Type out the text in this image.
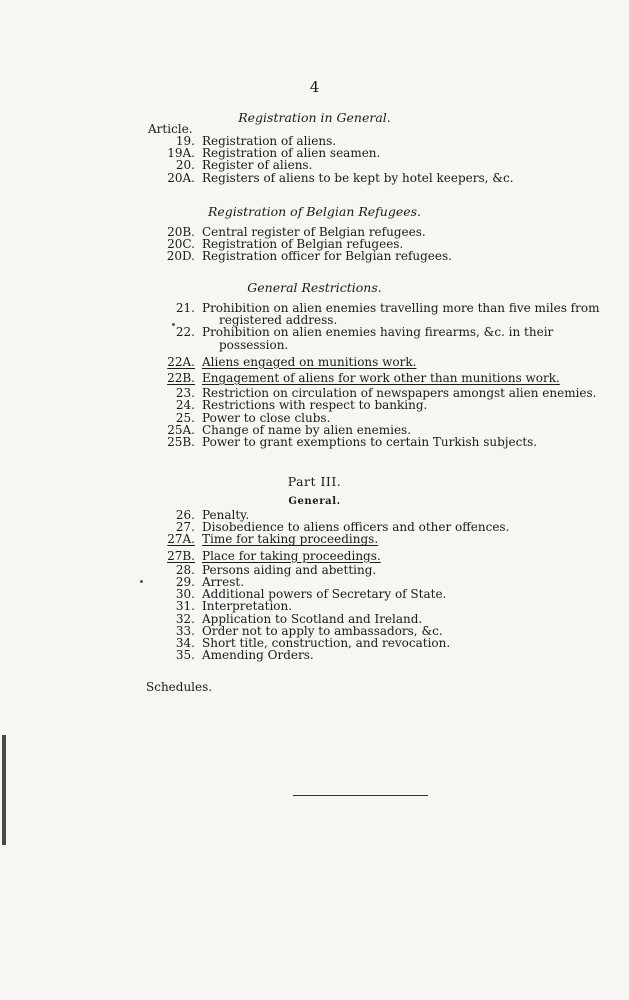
4
Registration in General.
Article.
19. Registration of aliens.
19A. Registration of alien seamen.
20. Register of aliens.
20A. Registers of aliens to be kept by hotel keepers, &c.
Registration of Belgian Refugees.
20B. Central register of Belgian refugees.
20C. Registration of Belgian refugees.
20D. Registration officer for Belgian refugees.
General Restrictions.
21. Prohibition on alien enemies travelling more than five miles from
registered address.
22. Prohibition on alien enemies having firearms, &c. in their
possession.
22A. Aliens engaged on munitions work.
22B. Engagement of aliens for work other than munitions work.
23. Restriction on circulation of newspapers amongst alien enemies.
24. Restrictions with respect to banking.
25. Power to close clubs.
25A. Change of name by alien enemies.
25B. Power to grant exemptions to certain Turkish subjects.
Part III.
General.
26. Penalty.
27. Disobedience to aliens officers and other offences.
27A. Time for taking proceedings.
27B. Place for taking proceedings.
28. Persons aiding and abetting.
29. Arrest.
30. Additional powers of Secretary of State.
31. Interpretation.
32. Application to Scotland and Ireland.
33. Order not to apply to ambassadors, &c.
34. Short title, construction, and revocation.
35. Amending Orders.
Schedules.
